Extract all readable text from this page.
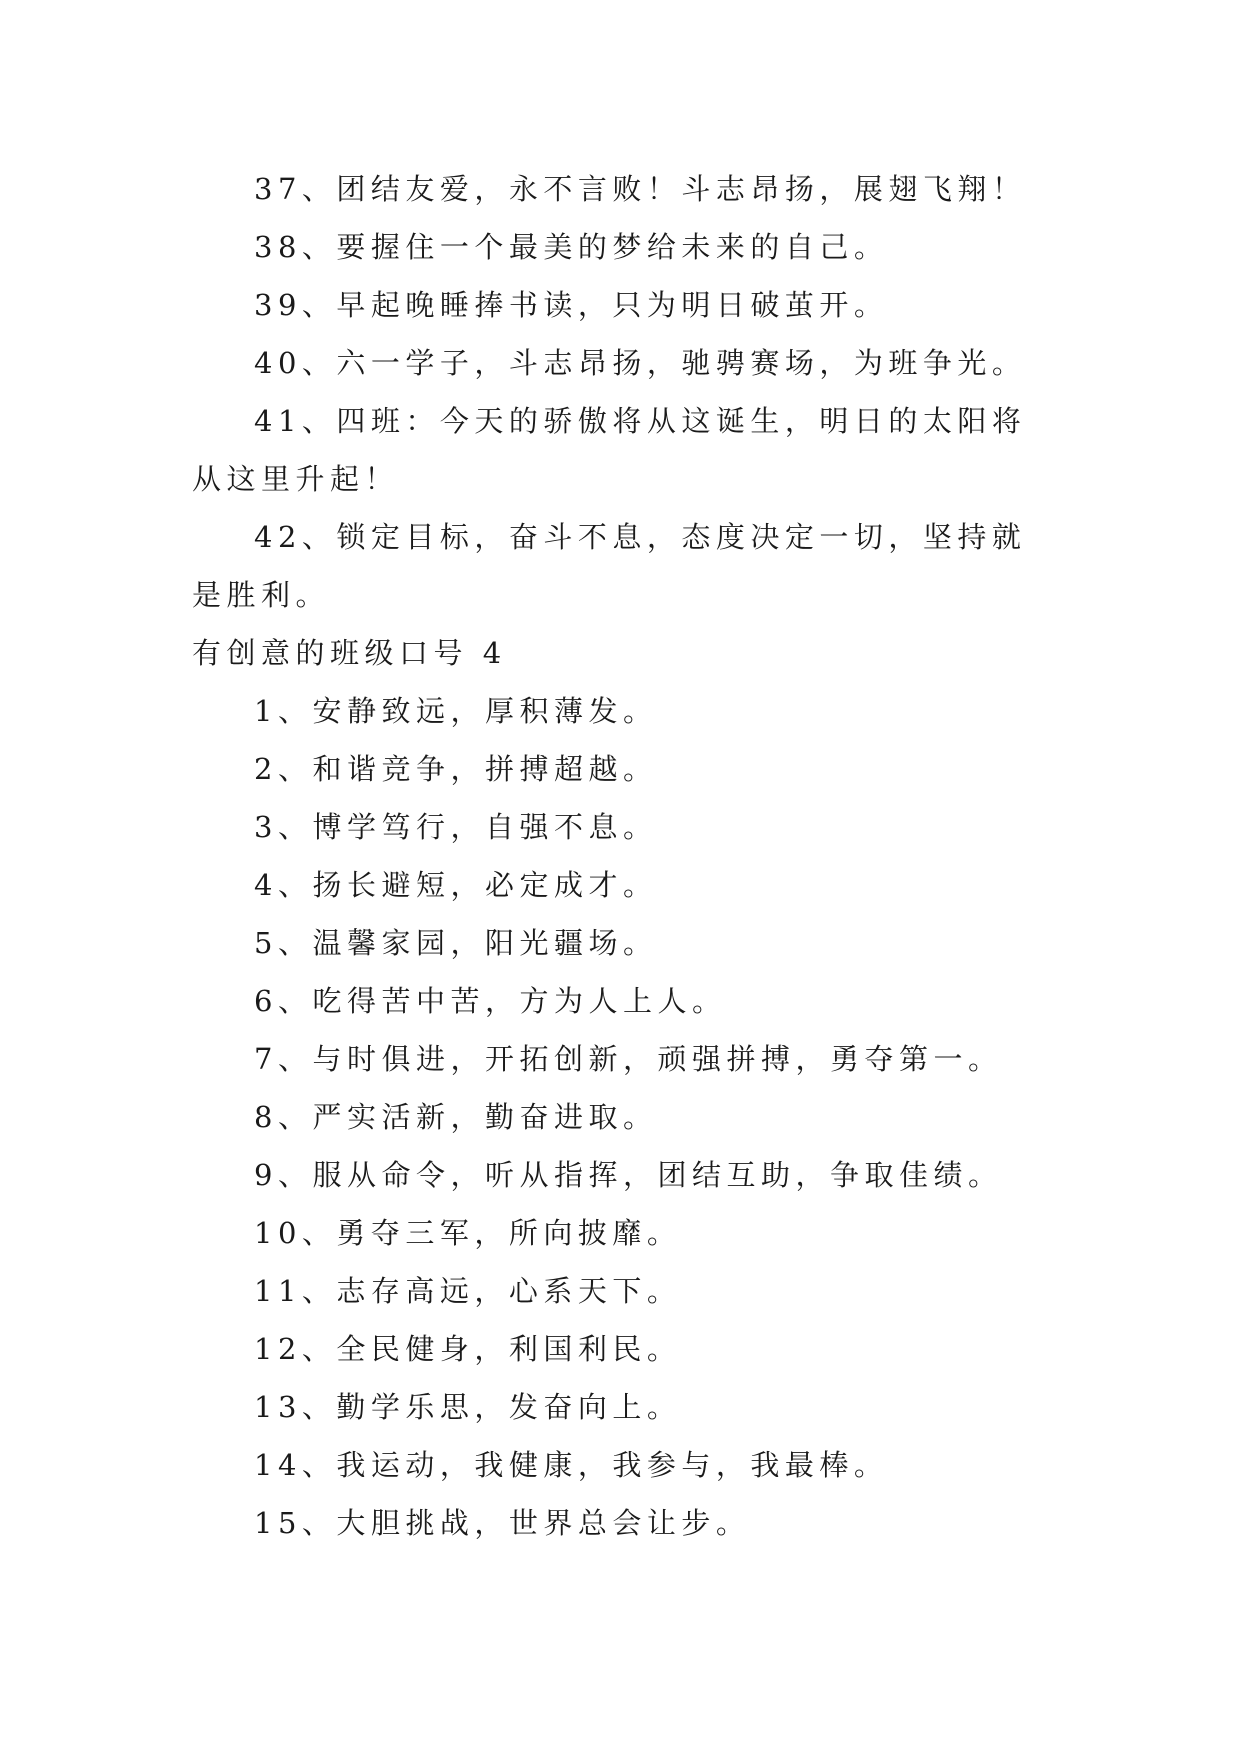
37、团结友爱，永不言败！斗志昂扬，展翅飞翔！

38、要握住一个最美的梦给未来的自己。

39、早起晚睡捧书读，只为明日破茧开。

40、六一学子，斗志昂扬，驰骋赛场，为班争光。

41、四班：今天的骄傲将从这诞生，明日的太阳将从这里升起！

42、锁定目标，奋斗不息，态度决定一切，坚持就是胜利。

有创意的班级口号 4

1、安静致远，厚积薄发。

2、和谐竞争，拼搏超越。

3、博学笃行，自强不息。

4、扬长避短，必定成才。

5、温馨家园，阳光疆场。

6、吃得苦中苦，方为人上人。

7、与时俱进，开拓创新，顽强拼搏，勇夺第一。

8、严实活新，勤奋进取。

9、服从命令，听从指挥，团结互助，争取佳绩。

10、勇夺三军，所向披靡。

11、志存高远，心系天下。

12、全民健身，利国利民。

13、勤学乐思，发奋向上。

14、我运动，我健康，我参与，我最棒。

15、大胆挑战，世界总会让步。
